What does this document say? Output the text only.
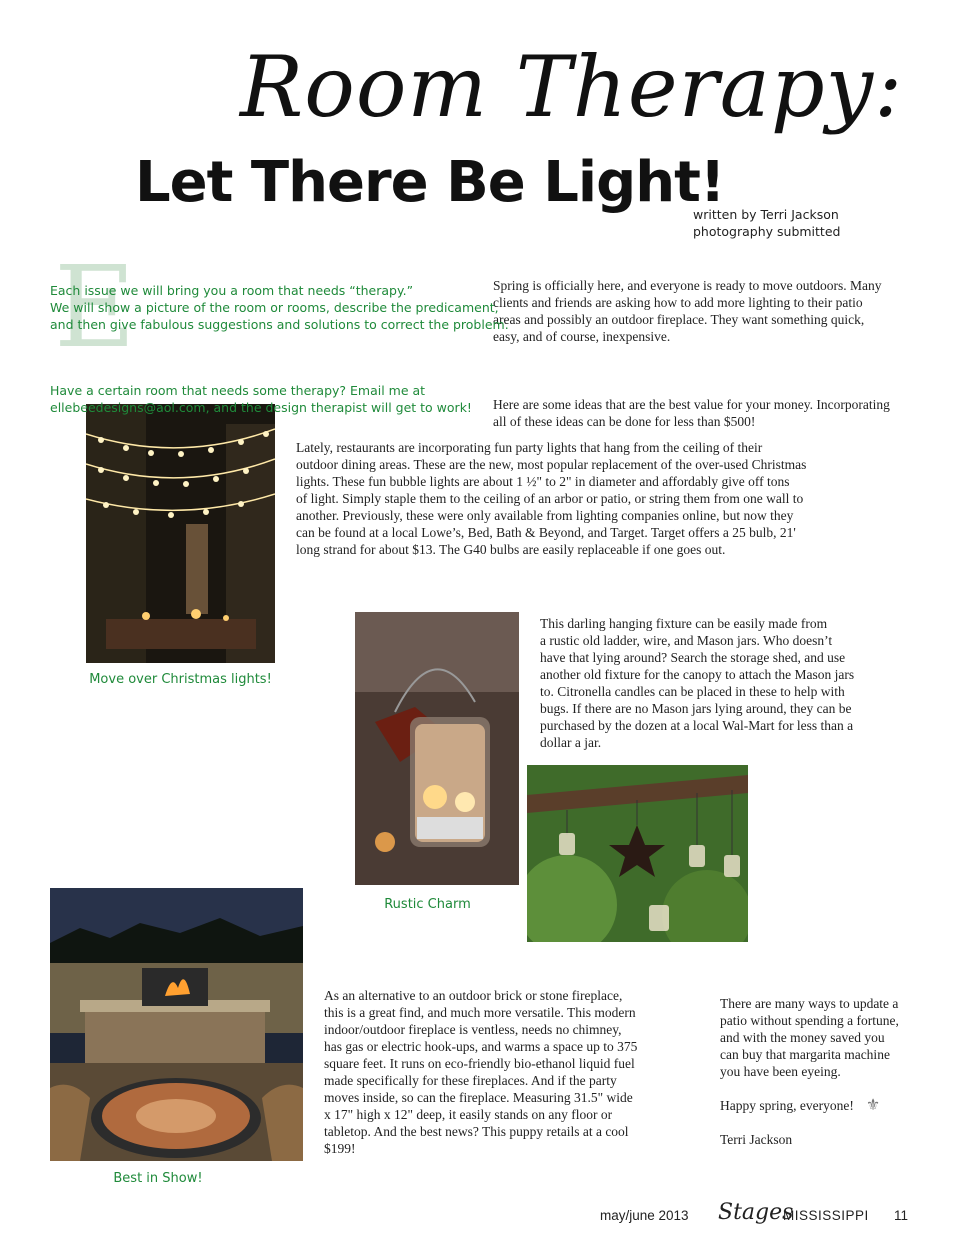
Room Therapy:
Let There Be Light!
written by Terri Jackson
photography submitted
E

Each issue we will bring you a room that needs “therapy.”
We will show a picture of the room or rooms, describe the predicament,
and then give fabulous suggestions and solutions to correct the problem.

Have a certain room that needs some therapy? Email me at
ellebeedesigns@aol.com, and the design therapist will get to work!

Spring is officially here, and everyone is ready to move outdoors. Many
clients and friends are asking how to add more lighting to their patio
areas and possibly an outdoor fireplace. They want something quick,
easy, and of course, inexpensive.

Here are some ideas that are the best value for your money. Incorporating
all of these ideas can be done for less than $500!

Move over Christmas lights!
Lately, restaurants are incorporating fun party lights that hang from the ceiling of their
outdoor dining areas. These are the new, most popular replacement of the over-used Christmas
lights. These fun bubble lights are about 1 ½" to 2" in diameter and affordably give off tons
of light. Simply staple them to the ceiling of an arbor or patio, or string them from one wall to
another. Previously, these were only available from lighting companies online, but now they
can be found at a local Lowe’s, Bed, Bath & Beyond, and Target. Target offers a 25 bulb, 21'
long strand for about $13. The G40 bulbs are easily replaceable if one goes out.
Rustic Charm
This darling hanging fixture can be easily made from
a rustic old ladder, wire, and Mason jars. Who doesn’t
have that lying around? Search the storage shed, and use
another old fixture for the canopy to attach the Mason jars
to. Citronella candles can be placed in these to help with
bugs. If there are no Mason jars lying around, they can be
purchased by the dozen at a local Wal-Mart for less than a
dollar a jar.
Best in Show!
As an alternative to an outdoor brick or stone fireplace,
this is a great find, and much more versatile. This modern
indoor/outdoor fireplace is ventless, needs no chimney,
has gas or electric hook-ups, and warms a space up to 375
square feet. It runs on eco-friendly bio-ethanol liquid fuel
made specifically for these fireplaces. And if the party
moves inside, so can the fireplace. Measuring 31.5" wide
x 17" high x 12" deep, it easily stands on any floor or
tabletop. And the best news? This puppy retails at a cool
$199!
There are many ways to update a
patio without spending a fortune,
and with the money saved you
can buy that margarita machine
you have been eyeing.
Happy spring, everyone! ⚜
Terri Jackson
may/june 2013 Stages
MISSISSIPPI 11
